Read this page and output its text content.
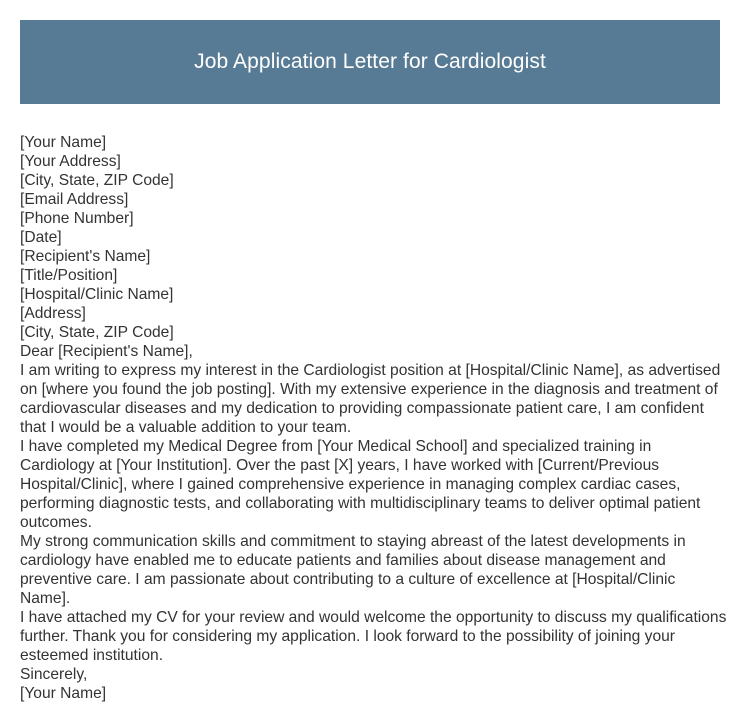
Job Application Letter for Cardiologist
[Your Name]
[Your Address]
[City, State, ZIP Code]
[Email Address]
[Phone Number]
[Date]
[Recipient's Name]
[Title/Position]
[Hospital/Clinic Name]
[Address]
[City, State, ZIP Code]
Dear [Recipient's Name],

I am writing to express my interest in the Cardiologist position at [Hospital/Clinic Name], as advertised on [where you found the job posting]. With my extensive experience in the diagnosis and treatment of cardiovascular diseases and my dedication to providing compassionate patient care, I am confident that I would be a valuable addition to your team.

I have completed my Medical Degree from [Your Medical School] and specialized training in Cardiology at [Your Institution]. Over the past [X] years, I have worked with [Current/Previous Hospital/Clinic], where I gained comprehensive experience in managing complex cardiac cases, performing diagnostic tests, and collaborating with multidisciplinary teams to deliver optimal patient outcomes.

My strong communication skills and commitment to staying abreast of the latest developments in cardiology have enabled me to educate patients and families about disease management and preventive care. I am passionate about contributing to a culture of excellence at [Hospital/Clinic Name].

I have attached my CV for your review and would welcome the opportunity to discuss my qualifications further. Thank you for considering my application. I look forward to the possibility of joining your esteemed institution.

Sincerely,
[Your Name]
